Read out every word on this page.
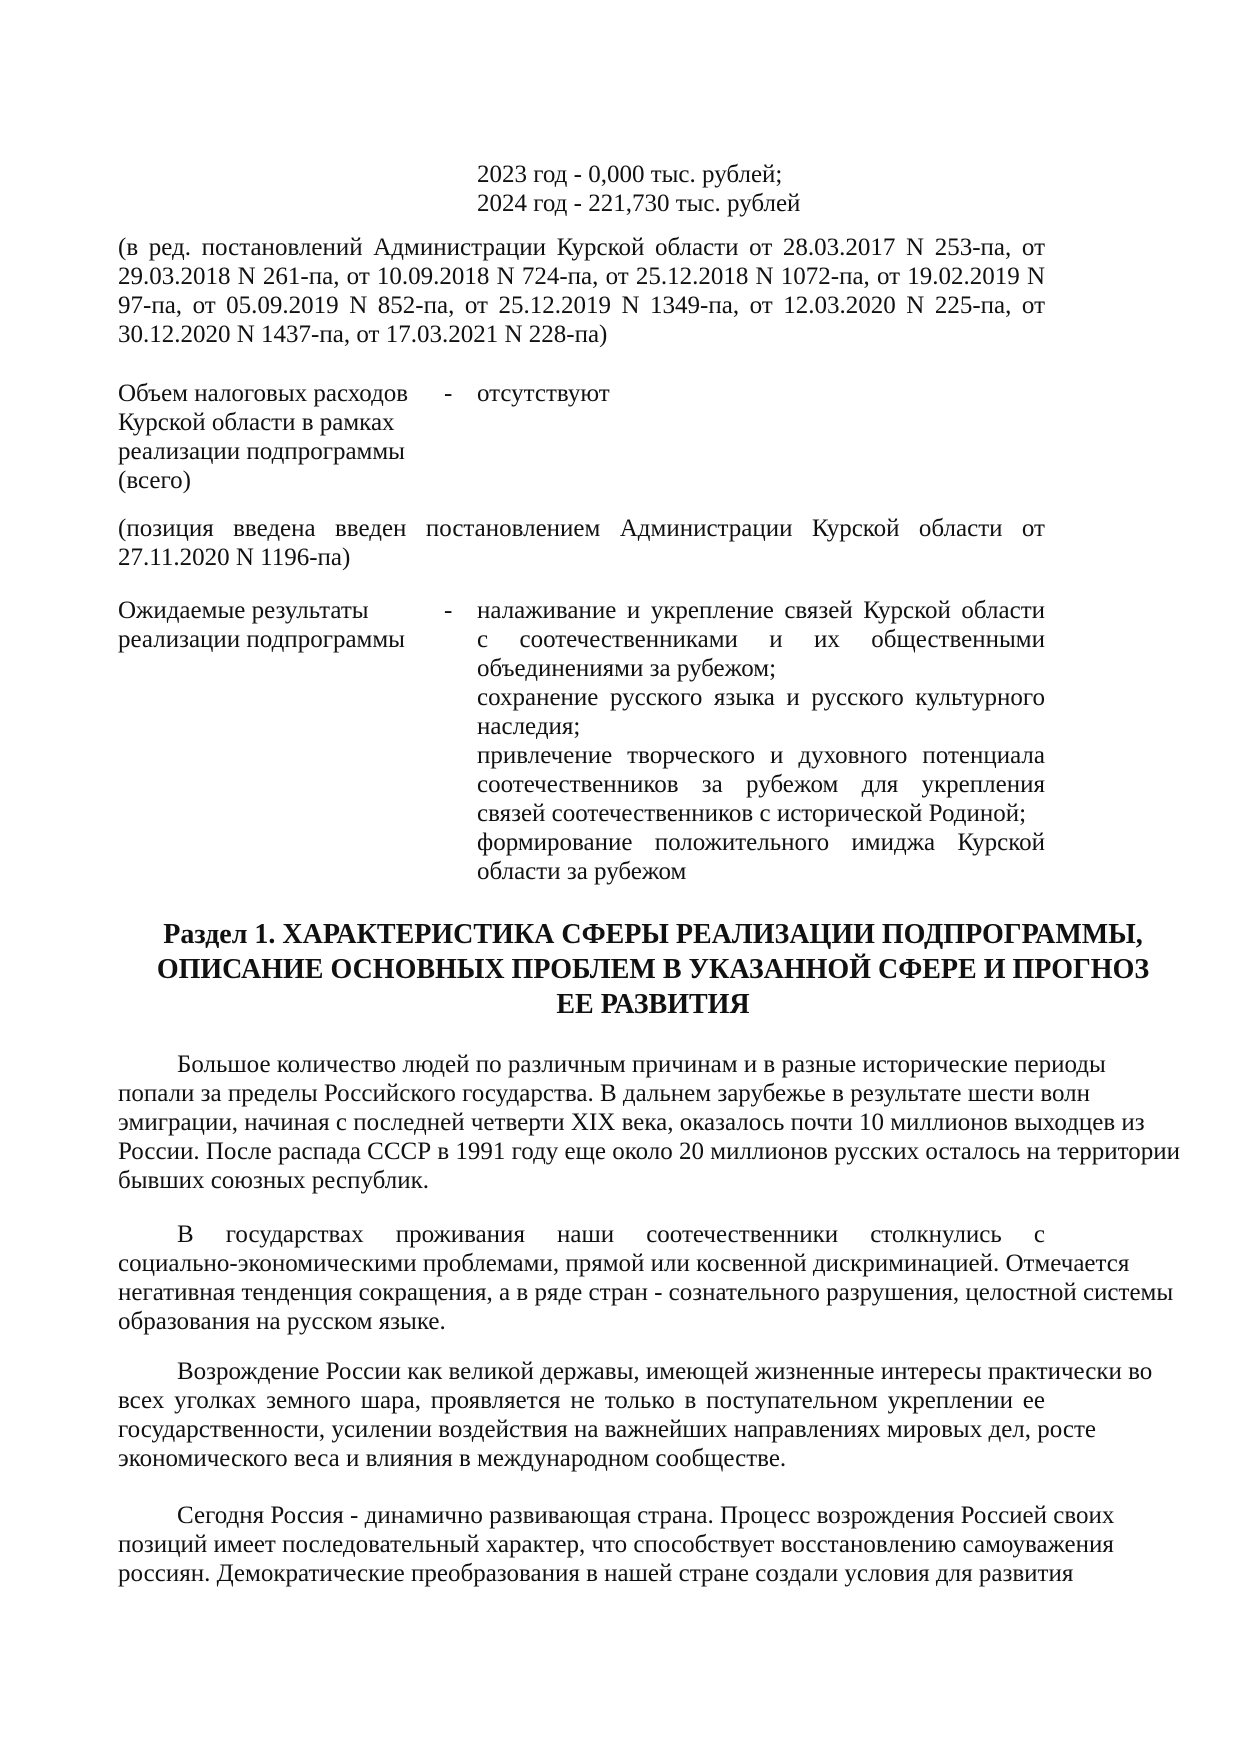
2023 год - 0,000 тыс. рублей;
2024 год - 221,730 тыс. рублей
(в ред. постановлений Администрации Курской области от 28.03.2017 N 253-па, от
29.03.2018 N 261-па, от 10.09.2018 N 724-па, от 25.12.2018 N 1072-па, от 19.02.2019 N
97-па, от 05.09.2019 N 852-па, от 25.12.2019 N 1349-па, от 12.03.2020 N 225-па, от
30.12.2020 N 1437-па, от 17.03.2021 N 228-па)
Объем налоговых расходов
Курской области в рамках
реализации подпрограммы
(всего)
- отсутствуют
(позиция введена введен постановлением Администрации Курской области от
27.11.2020 N 1196-па)
Ожидаемые результаты
реализации подпрограммы
- налаживание и укрепление связей Курской области
с соотечественниками и их общественными
объединениями за рубежом;
сохранение русского языка и русского культурного
наследия;
привлечение творческого и духовного потенциала
соотечественников за рубежом для укрепления
связей соотечественников с исторической Родиной;
формирование положительного имиджа Курской
области за рубежом
Раздел 1. ХАРАКТЕРИСТИКА СФЕРЫ РЕАЛИЗАЦИИ ПОДПРОГРАММЫ,
ОПИСАНИЕ ОСНОВНЫХ ПРОБЛЕМ В УКАЗАННОЙ СФЕРЕ И ПРОГНОЗ
ЕЕ РАЗВИТИЯ
Большое количество людей по различным причинам и в разные исторические периоды
попали за пределы Российского государства. В дальнем зарубежье в результате шести волн
эмиграции, начиная с последней четверти XIX века, оказалось почти 10 миллионов выходцев из
России. После распада СССР в 1991 году еще около 20 миллионов русских осталось на территории
бывших союзных республик.
В государствах проживания наши соотечественники столкнулись с
социально-экономическими проблемами, прямой или косвенной дискриминацией. Отмечается
негативная тенденция сокращения, а в ряде стран - сознательного разрушения, целостной системы
образования на русском языке.
Возрождение России как великой державы, имеющей жизненные интересы практически во
всех уголках земного шара, проявляется не только в поступательном укреплении ее
государственности, усилении воздействия на важнейших направлениях мировых дел, росте
экономического веса и влияния в международном сообществе.
Сегодня Россия - динамично развивающая страна. Процесс возрождения Россией своих
позиций имеет последовательный характер, что способствует восстановлению самоуважения
россиян. Демократические преобразования в нашей стране создали условия для развития
